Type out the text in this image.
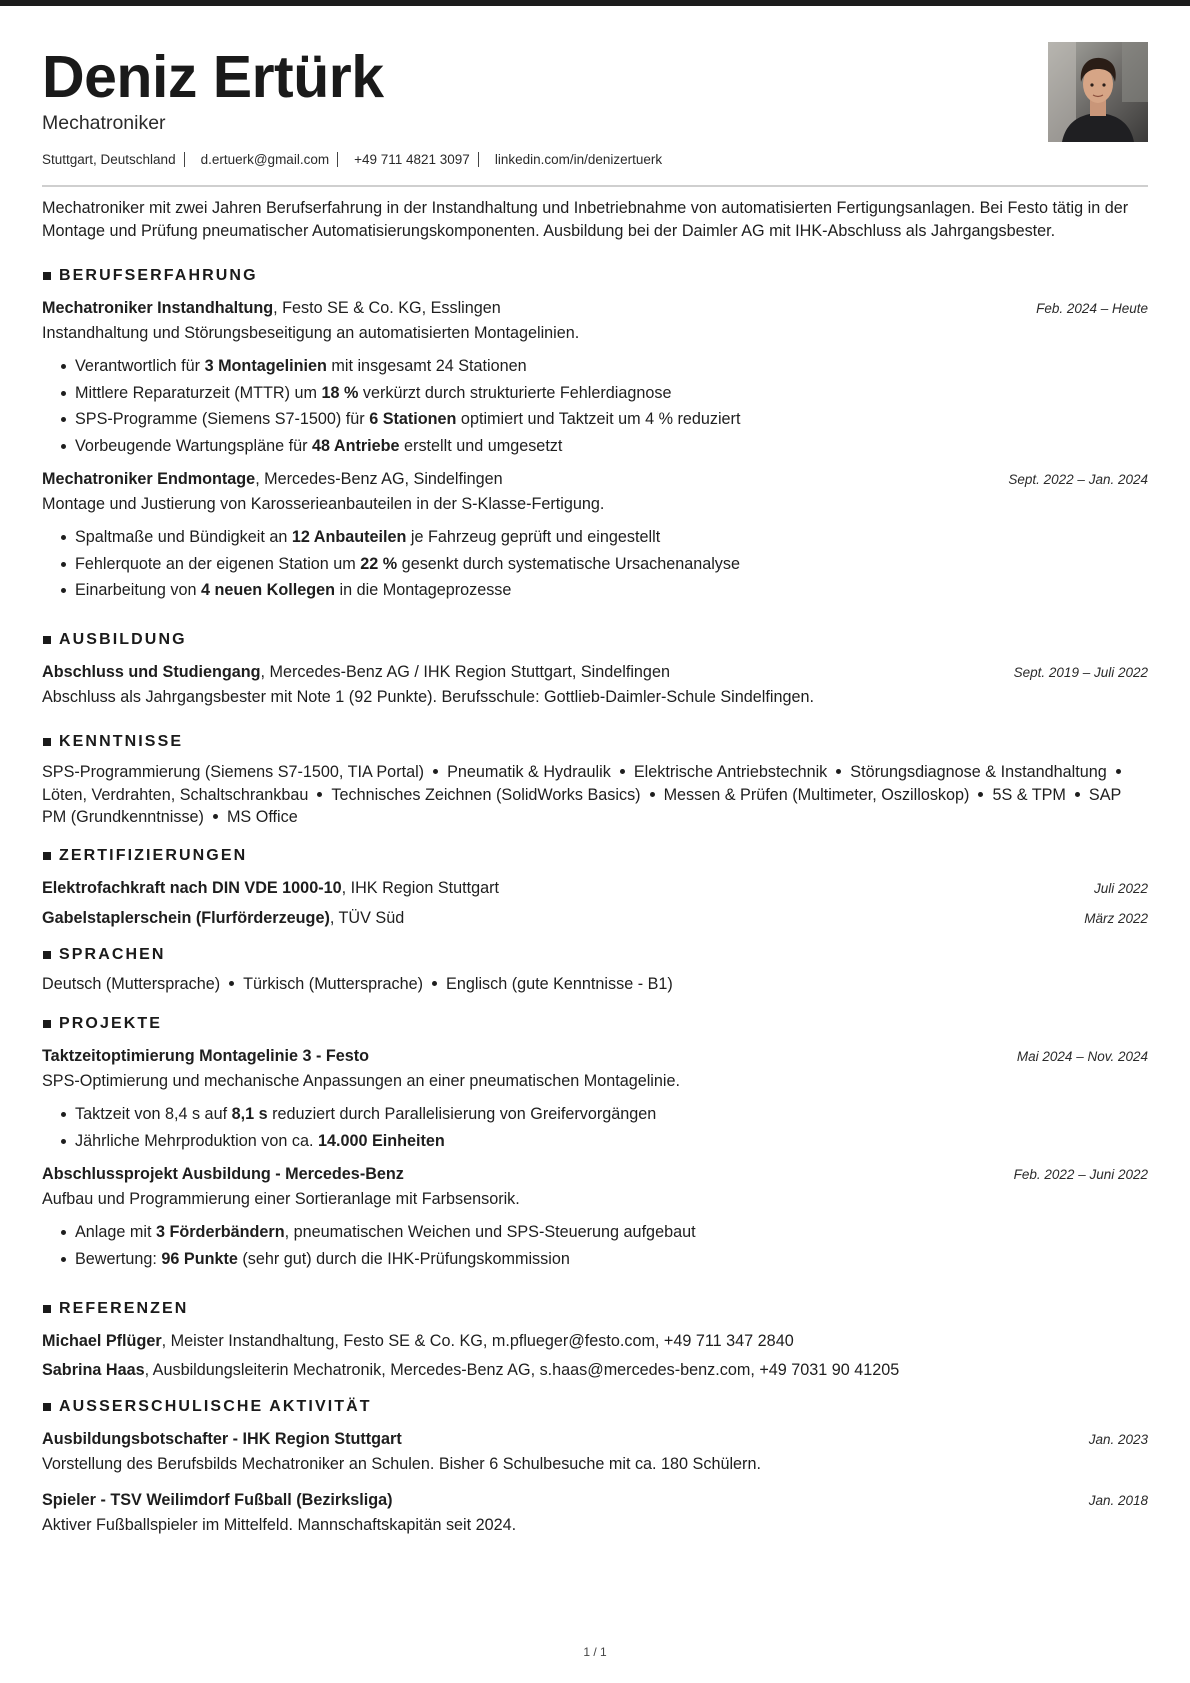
Deniz Ertürk
Mechatroniker
Stuttgart, Deutschland d.ertuerk@gmail.com +49 711 4821 3097 linkedin.com/in/denizertuerk
Mechatroniker mit zwei Jahren Berufserfahrung in der Instandhaltung und Inbetriebnahme von automatisierten Fertigungsanlagen. Bei Festo tätig in der Montage und Prüfung pneumatischer Automatisierungskomponenten. Ausbildung bei der Daimler AG mit IHK-Abschluss als Jahrgangsbester.
BERUFSERFAHRUNG
Mechatroniker Instandhaltung, Festo SE & Co. KG, Esslingen	Feb. 2024 – Heute
Instandhaltung und Störungsbeseitigung an automatisierten Montagelinien.
Verantwortlich für 3 Montagelinien mit insgesamt 24 Stationen
Mittlere Reparaturzeit (MTTR) um 18 % verkürzt durch strukturierte Fehlerdiagnose
SPS-Programme (Siemens S7-1500) für 6 Stationen optimiert und Taktzeit um 4 % reduziert
Vorbeugende Wartungspläne für 48 Antriebe erstellt und umgesetzt
Mechatroniker Endmontage, Mercedes-Benz AG, Sindelfingen	Sept. 2022 – Jan. 2024
Montage und Justierung von Karosserieanbauteilen in der S-Klasse-Fertigung.
Spaltmaße und Bündigkeit an 12 Anbauteilen je Fahrzeug geprüft und eingestellt
Fehlerquote an der eigenen Station um 22 % gesenkt durch systematische Ursachenanalyse
Einarbeitung von 4 neuen Kollegen in die Montageprozesse
AUSBILDUNG
Abschluss und Studiengang, Mercedes-Benz AG / IHK Region Stuttgart, Sindelfingen	Sept. 2019 – Juli 2022
Abschluss als Jahrgangsbester mit Note 1 (92 Punkte). Berufsschule: Gottlieb-Daimler-Schule Sindelfingen.
KENNTNISSE
SPS-Programmierung (Siemens S7-1500, TIA Portal) Pneumatik & Hydraulik Elektrische Antriebstechnik Störungsdiagnose & InstandhaltungLöten, Verdrahten, Schaltschrankbau Technisches Zeichnen (SolidWorks Basics) Messen & Prüfen (Multimeter, Oszilloskop) 5S & TPM SAP PM (Grundkenntnisse) MS Office
ZERTIFIZIERUNGEN
Elektrofachkraft nach DIN VDE 1000-10, IHK Region Stuttgart	Juli 2022
Gabelstaplerschein (Flurförderzeuge), TÜV Süd	März 2022
SPRACHEN
Deutsch (Muttersprache) Türkisch (Muttersprache) Englisch (gute Kenntnisse - B1)
PROJEKTE
Taktzeitoptimierung Montagelinie 3 - Festo	Mai 2024 – Nov. 2024
SPS-Optimierung und mechanische Anpassungen an einer pneumatischen Montagelinie.
Taktzeit von 8,4 s auf 8,1 s reduziert durch Parallelisierung von Greifervorgängen
Jährliche Mehrproduktion von ca. 14.000 Einheiten
Abschlussprojekt Ausbildung - Mercedes-Benz	Feb. 2022 – Juni 2022
Aufbau und Programmierung einer Sortieranlage mit Farbsensorik.
Anlage mit 3 Förderbändern, pneumatischen Weichen und SPS-Steuerung aufgebaut
Bewertung: 96 Punkte (sehr gut) durch die IHK-Prüfungskommission
REFERENZEN
Michael Pflüger, Meister Instandhaltung, Festo SE & Co. KG, m.pflueger@festo.com, +49 711 347 2840
Sabrina Haas, Ausbildungsleiterin Mechatronik, Mercedes-Benz AG, s.haas@mercedes-benz.com, +49 7031 90 41205
AUSSERSCHULISCHE AKTIVITÄT
Ausbildungsbotschafter - IHK Region Stuttgart	Jan. 2023
Vorstellung des Berufsbilds Mechatroniker an Schulen. Bisher 6 Schulbesuche mit ca. 180 Schülern.
Spieler - TSV Weilimdorf Fußball (Bezirksliga)	Jan. 2018
Aktiver Fußballspieler im Mittelfeld. Mannschaftskapitän seit 2024.
1 / 1
